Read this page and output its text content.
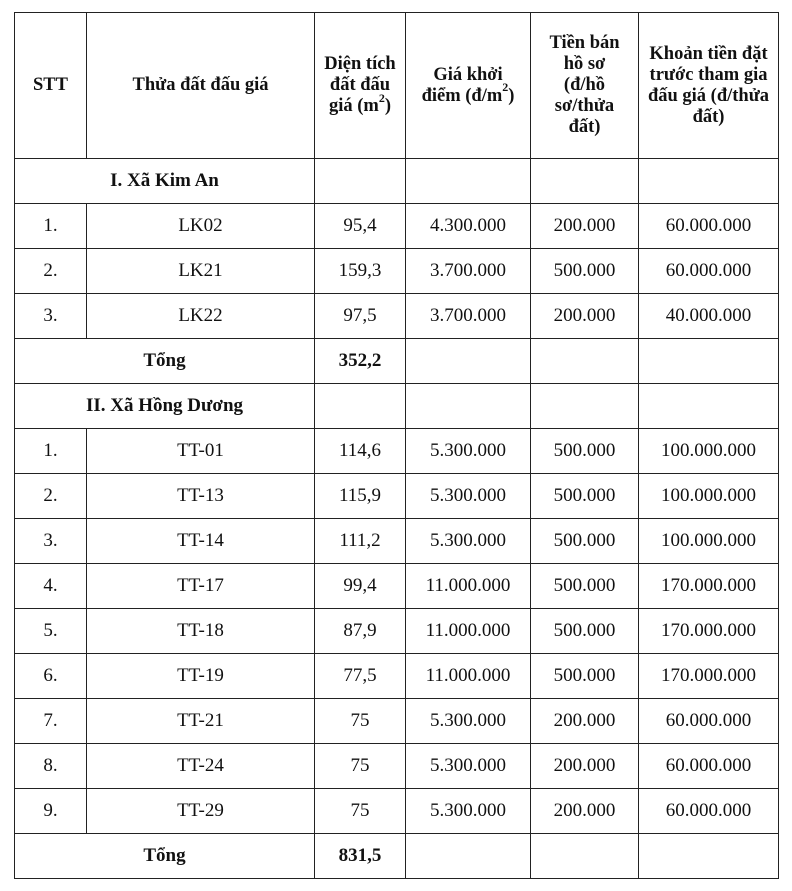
STT	Thửa đất đấu giá	Diện tích đất đấu giá $(m^2)$	Giá khởi điểm $(đ/m^2)$	Tiền bán hồ sơ (đ/hồ sơ/thửa đất)	Khoản tiền đặt trước tham gia đấu giá (đ/thửa đất)
I. Xã Kim An					
1.	LK02	95,4	4.300.000	200.000	60.000.000
2.	LK21	159,3	3.700.000	500.000	60.000.000
3.	LK22	97,5	3.700.000	200.000	40.000.000
Tổng		352,2			
II. Xã Hồng Dương					
1.	TT-01	114,6	5.300.000	500.000	100.000.000
2.	TT-13	115,9	5.300.000	500.000	100.000.000
3.	TT-14	111,2	5.300.000	500.000	100.000.000
4.	TT-17	99,4	11.000.000	500.000	170.000.000
5.	TT-18	87,9	11.000.000	500.000	170.000.000
6.	TT-19	77,5	11.000.000	500.000	170.000.000
7.	TT-21	75	5.300.000	200.000	60.000.000
8.	TT-24	75	5.300.000	200.000	60.000.000
9.	TT-29	75	5.300.000	200.000	60.000.000
Tổng		831,5			
